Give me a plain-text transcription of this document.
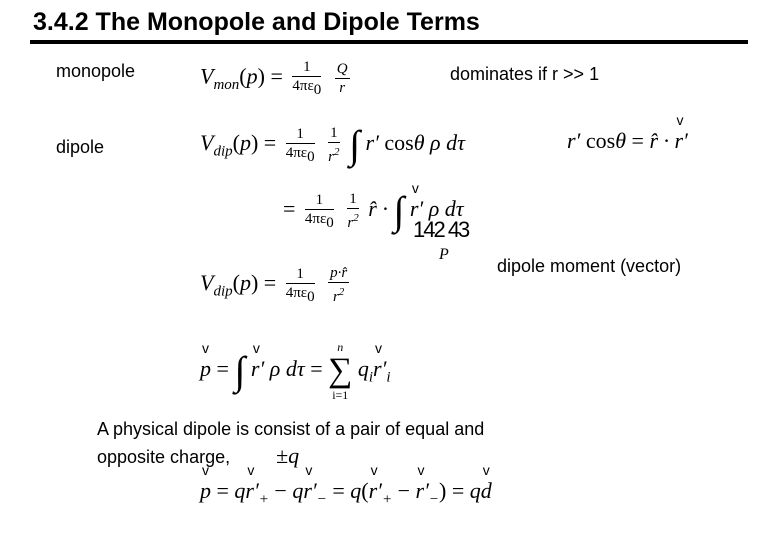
3.4.2 The Monopole and Dipole Terms
monopole	$V_{mon}(p) = \frac{1}{4\pi\varepsilon_0}$
$\frac{Q}{r}$	dominates if r >> 1
dipole	$V_{dip}(p) = \frac{1}{4\pi\varepsilon_0}$
$\frac{1}{r^2}$ ∫ r′ cosθ ρ dτ	r′ cosθ = r̂ · v r′
= $\frac{1}{4\pi\varepsilon_0}$
$\frac{1}{r^2}$ r̂ · ∫ v r′ ρ dτ
142 43
P
dipole moment (vector)
$V_{dip}(p) = \frac{1}{4\pi\varepsilon_0}$
$\frac{p\cdot r̂}{r^2}$
v p = ∫ v r′ ρ dτ =
n
∑
i=1
$q_iv$ $r'_i$
A physical dipole is consist of a pair of equal and
opposite charge, ±q
v p = qv $r'_+$ − qv $r'_- = q(v$ $r'_+ - v$ $r'_-$) = qv d
